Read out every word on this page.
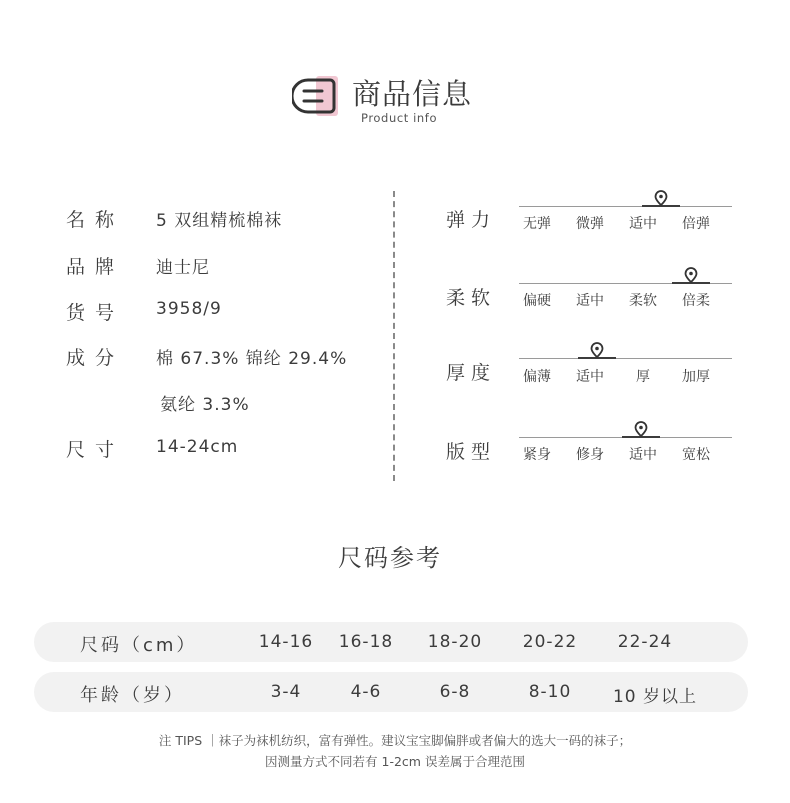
商品信息
Product info
名称 5 双组精梳棉袜
品牌 迪士尼
货号 3958/9
成分 棉 67.3% 锦纶 29.4%
氨纶 3.3%
尺寸 14-24cm
弹力 无弹 微弹 适中 倍弹
柔软 偏硬 适中 柔软 倍柔
厚度 偏薄 适中 厚 加厚
版型 紧身 修身 适中 宽松
尺码参考
尺码（cm）	14-16	16-18	18-20	20-22	22-24
年龄（岁）	3-4	4-6	6-8	8-10	10 岁以上
注 TIPS ｜袜子为袜机纺织，富有弹性。建议宝宝脚偏胖或者偏大的选大一码的袜子；
因测量方式不同若有 1-2cm 误差属于合理范围
